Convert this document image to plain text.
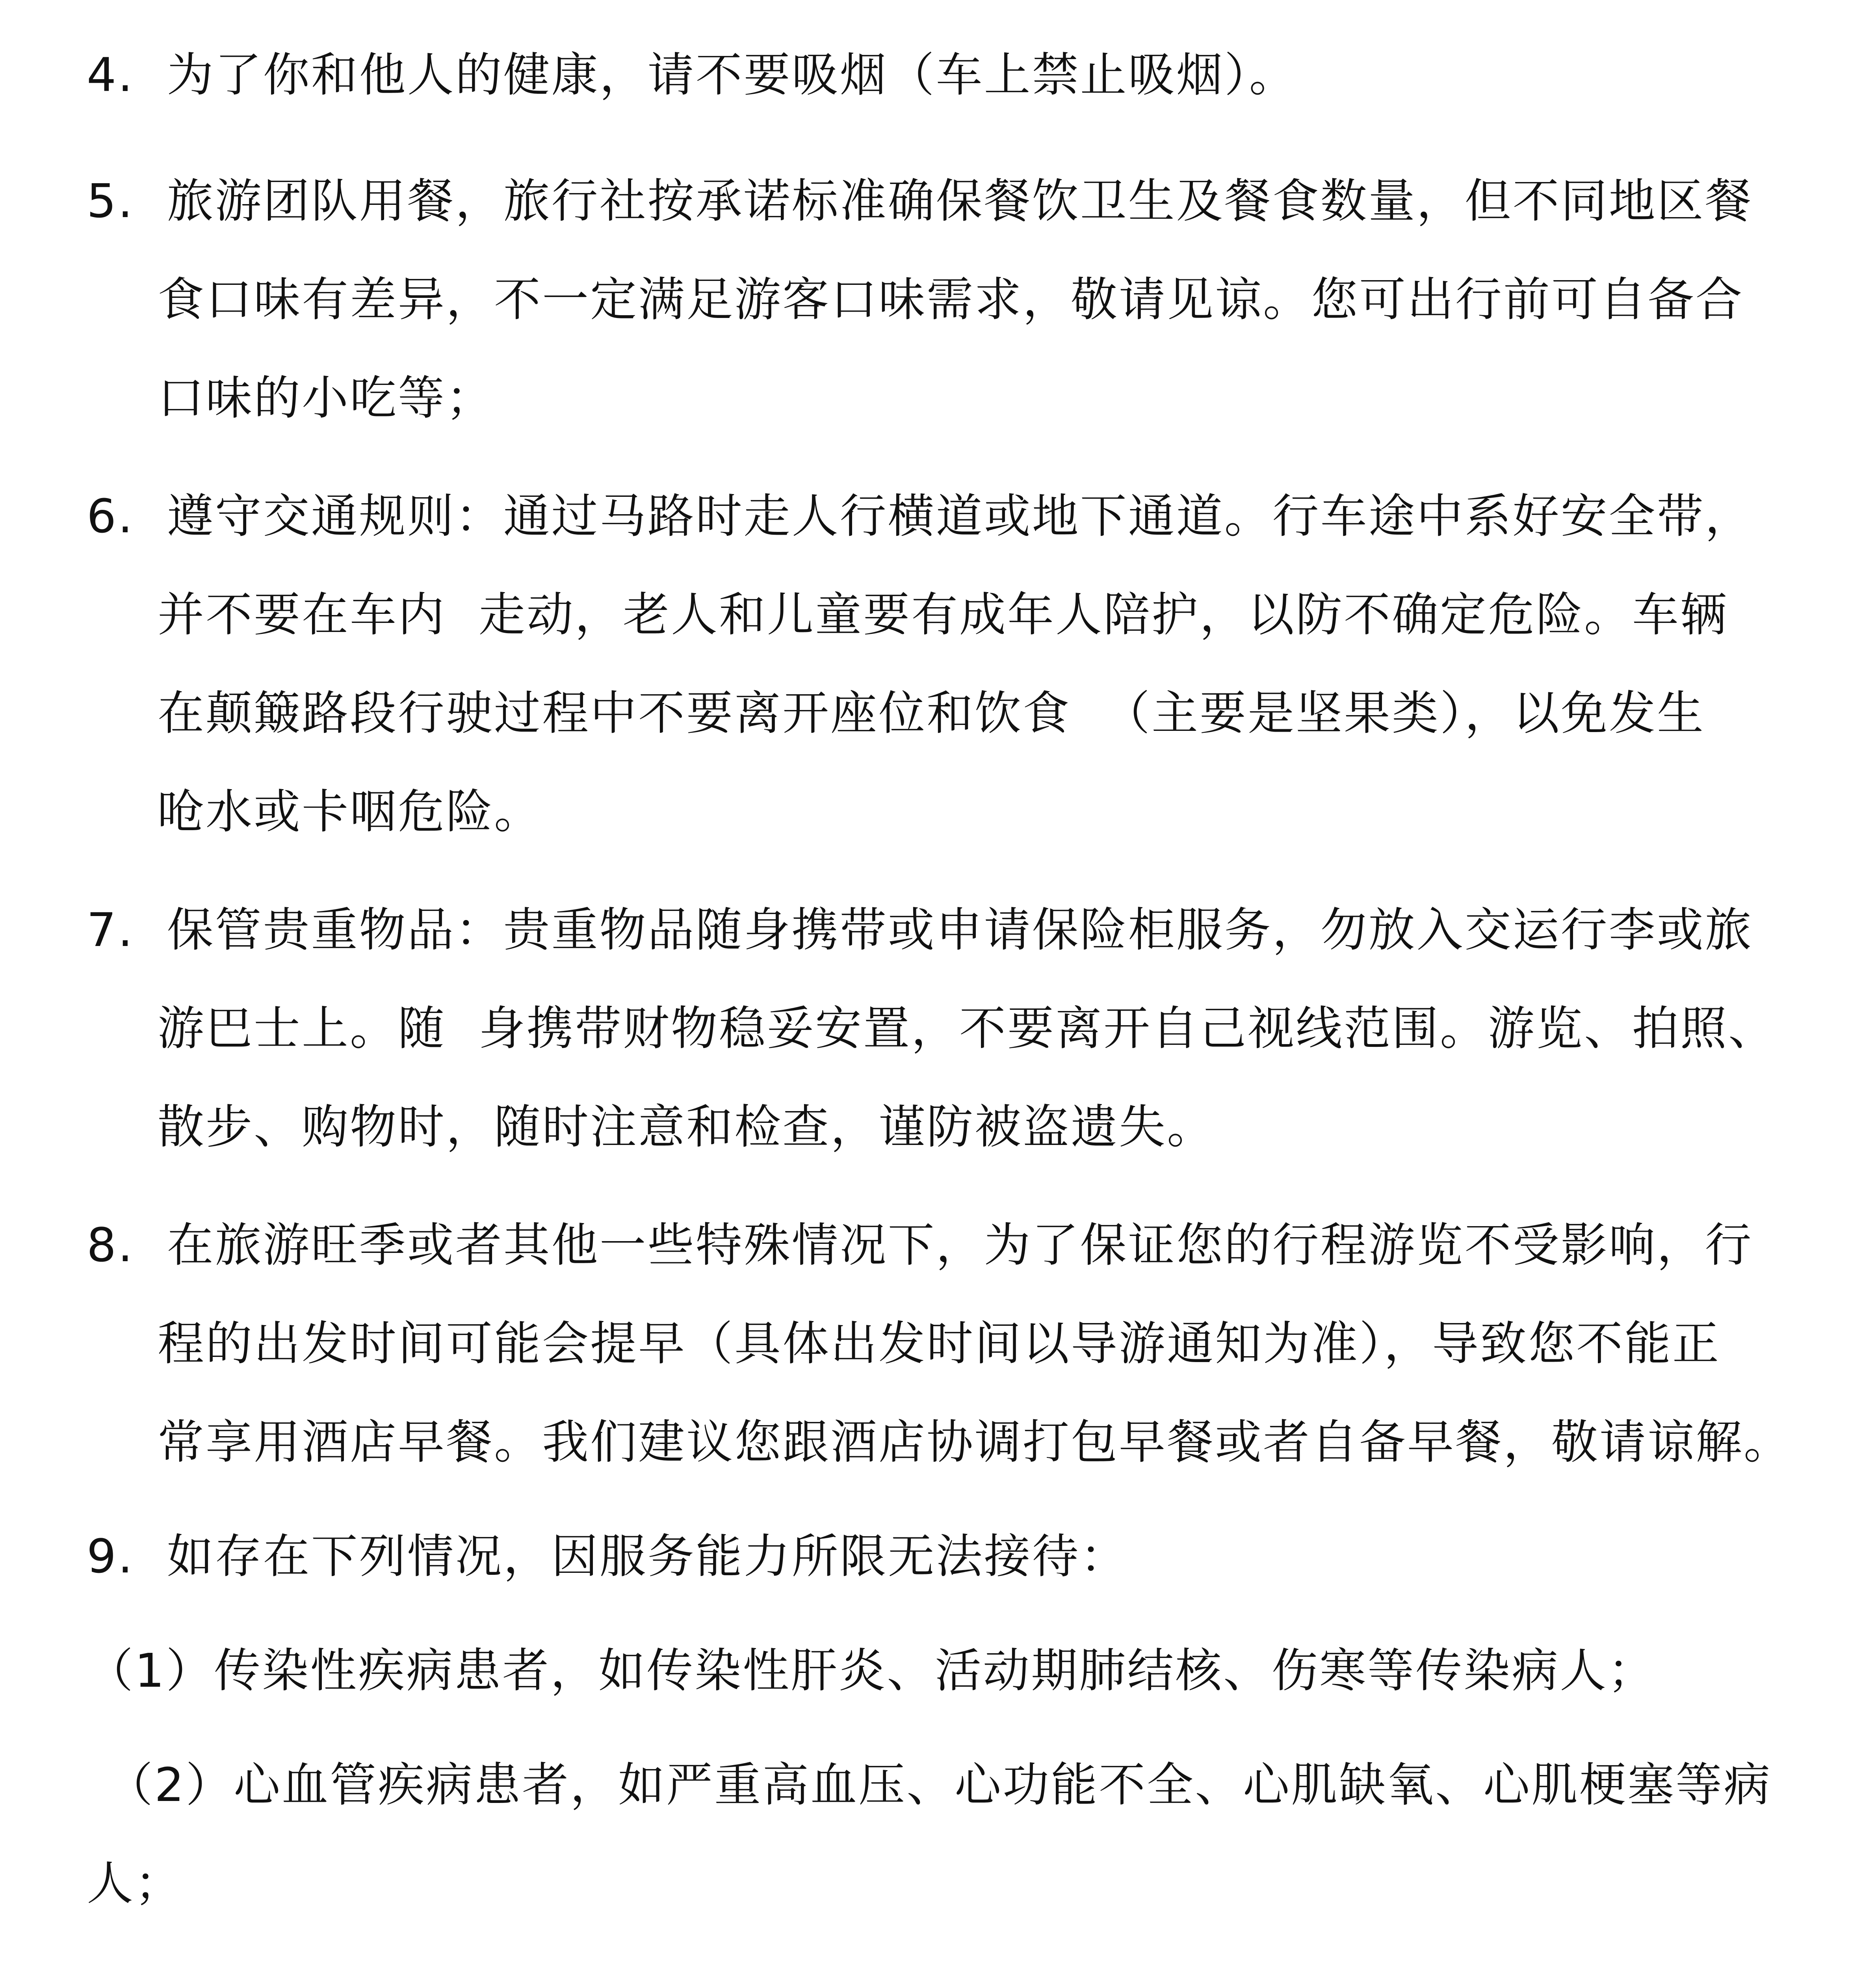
4.  为了你和他人的健康，请不要吸烟（车上禁止吸烟）。
5.  旅游团队用餐，旅行社按承诺标准确保餐饮卫生及餐食数量，但不同地区餐
食口味有差异，不一定满足游客口味需求，敬请见谅。您可出行前可自备合
口味的小吃等；
6.  遵守交通规则：通过马路时走人行横道或地下通道。行车途中系好安全带，
并不要在车内  走动，老人和儿童要有成年人陪护，以防不确定危险。车辆
在颠簸路段行驶过程中不要离开座位和饮食  （主要是坚果类），以免发生
呛水或卡咽危险。
7.  保管贵重物品：贵重物品随身携带或申请保险柜服务，勿放入交运行李或旅
游巴士上。随  身携带财物稳妥安置，不要离开自己视线范围。游览、拍照、
散步、购物时，随时注意和检查，谨防被盗遗失。
8.  在旅游旺季或者其他一些特殊情况下，为了保证您的行程游览不受影响，行
程的出发时间可能会提早（具体出发时间以导游通知为准），导致您不能正
常享用酒店早餐。我们建议您跟酒店协调打包早餐或者自备早餐，敬请谅解。
9.  如存在下列情况，因服务能力所限无法接待：
（1）传染性疾病患者，如传染性肝炎、活动期肺结核、伤寒等传染病人；
（2）心血管疾病患者，如严重高血压、心功能不全、心肌缺氧、心肌梗塞等病
人；
